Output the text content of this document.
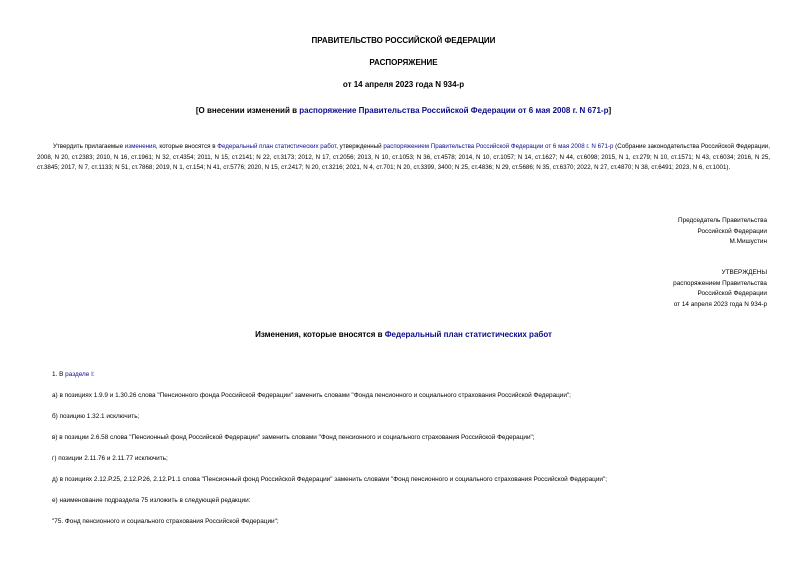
ПРАВИТЕЛЬСТВО РОССИЙСКОЙ ФЕДЕРАЦИИ
РАСПОРЯЖЕНИЕ
от 14 апреля 2023 года N 934-р
[О внесении изменений в распоряжение Правительства Российской Федерации от 6 мая 2008 г. N 671-р]
Утвердить прилагаемые изменения, которые вносятся в Федеральный план статистических работ, утвержденный распоряжением Правительства Российской Федерации от 6 мая 2008 г. N 671-р (Собрание законодательства Российской Федерации, 2008, N 20, ст.2383; 2010, N 16, ст.1961; N 32, ст.4354; 2011, N 15, ст.2141; N 22, ст.3173; 2012, N 17, ст.2056; 2013, N 10, ст.1053; N 36, ст.4578; 2014, N 10, ст.1057; N 14, ст.1627; N 44, ст.6098; 2015, N 1, ст.279; N 10, ст.1571; N 43, ст.6034; 2016, N 25, ст.3845; 2017, N 7, ст.1133; N 51, ст.7868; 2019, N 1, ст.154; N 41, ст.5776; 2020, N 15, ст.2417; N 20, ст.3216; 2021, N 4, ст.701; N 20, ст.3399, 3400; N 25, ст.4836; N 29, ст.5686; N 35, ст.6370; 2022, N 27, ст.4870; N 38, ст.6491; 2023, N 6, ст.1001).
Председатель Правительства
Российской Федерации
М.Мишустин
УТВЕРЖДЕНЫ
распоряжением Правительства
Российской Федерации
от 14 апреля 2023 года N 934-р
Изменения, которые вносятся в Федеральный план статистических работ
1. В разделе I:
а) в позициях 1.9.9 и 1.30.26 слова "Пенсионного фонда Российской Федерации" заменить словами "Фонда пенсионного и социального страхования Российской Федерации";
б) позицию 1.32.1 исключить;
в) в позиции 2.6.58 слова "Пенсионный фонд Российской Федерации" заменить словами "Фонд пенсионного и социального страхования Российской Федерации";
г) позиции 2.11.76 и 2.11.77 исключить;
д) в позициях 2.12.Р.25, 2.12.Р.26, 2.12.Р1.1 слова "Пенсионный фонд Российской Федерации" заменить словами "Фонд пенсионного и социального страхования Российской Федерации";
е) наименование подраздела 75 изложить в следующей редакции:
"75. Фонд пенсионного и социального страхования Российской Федерации";
